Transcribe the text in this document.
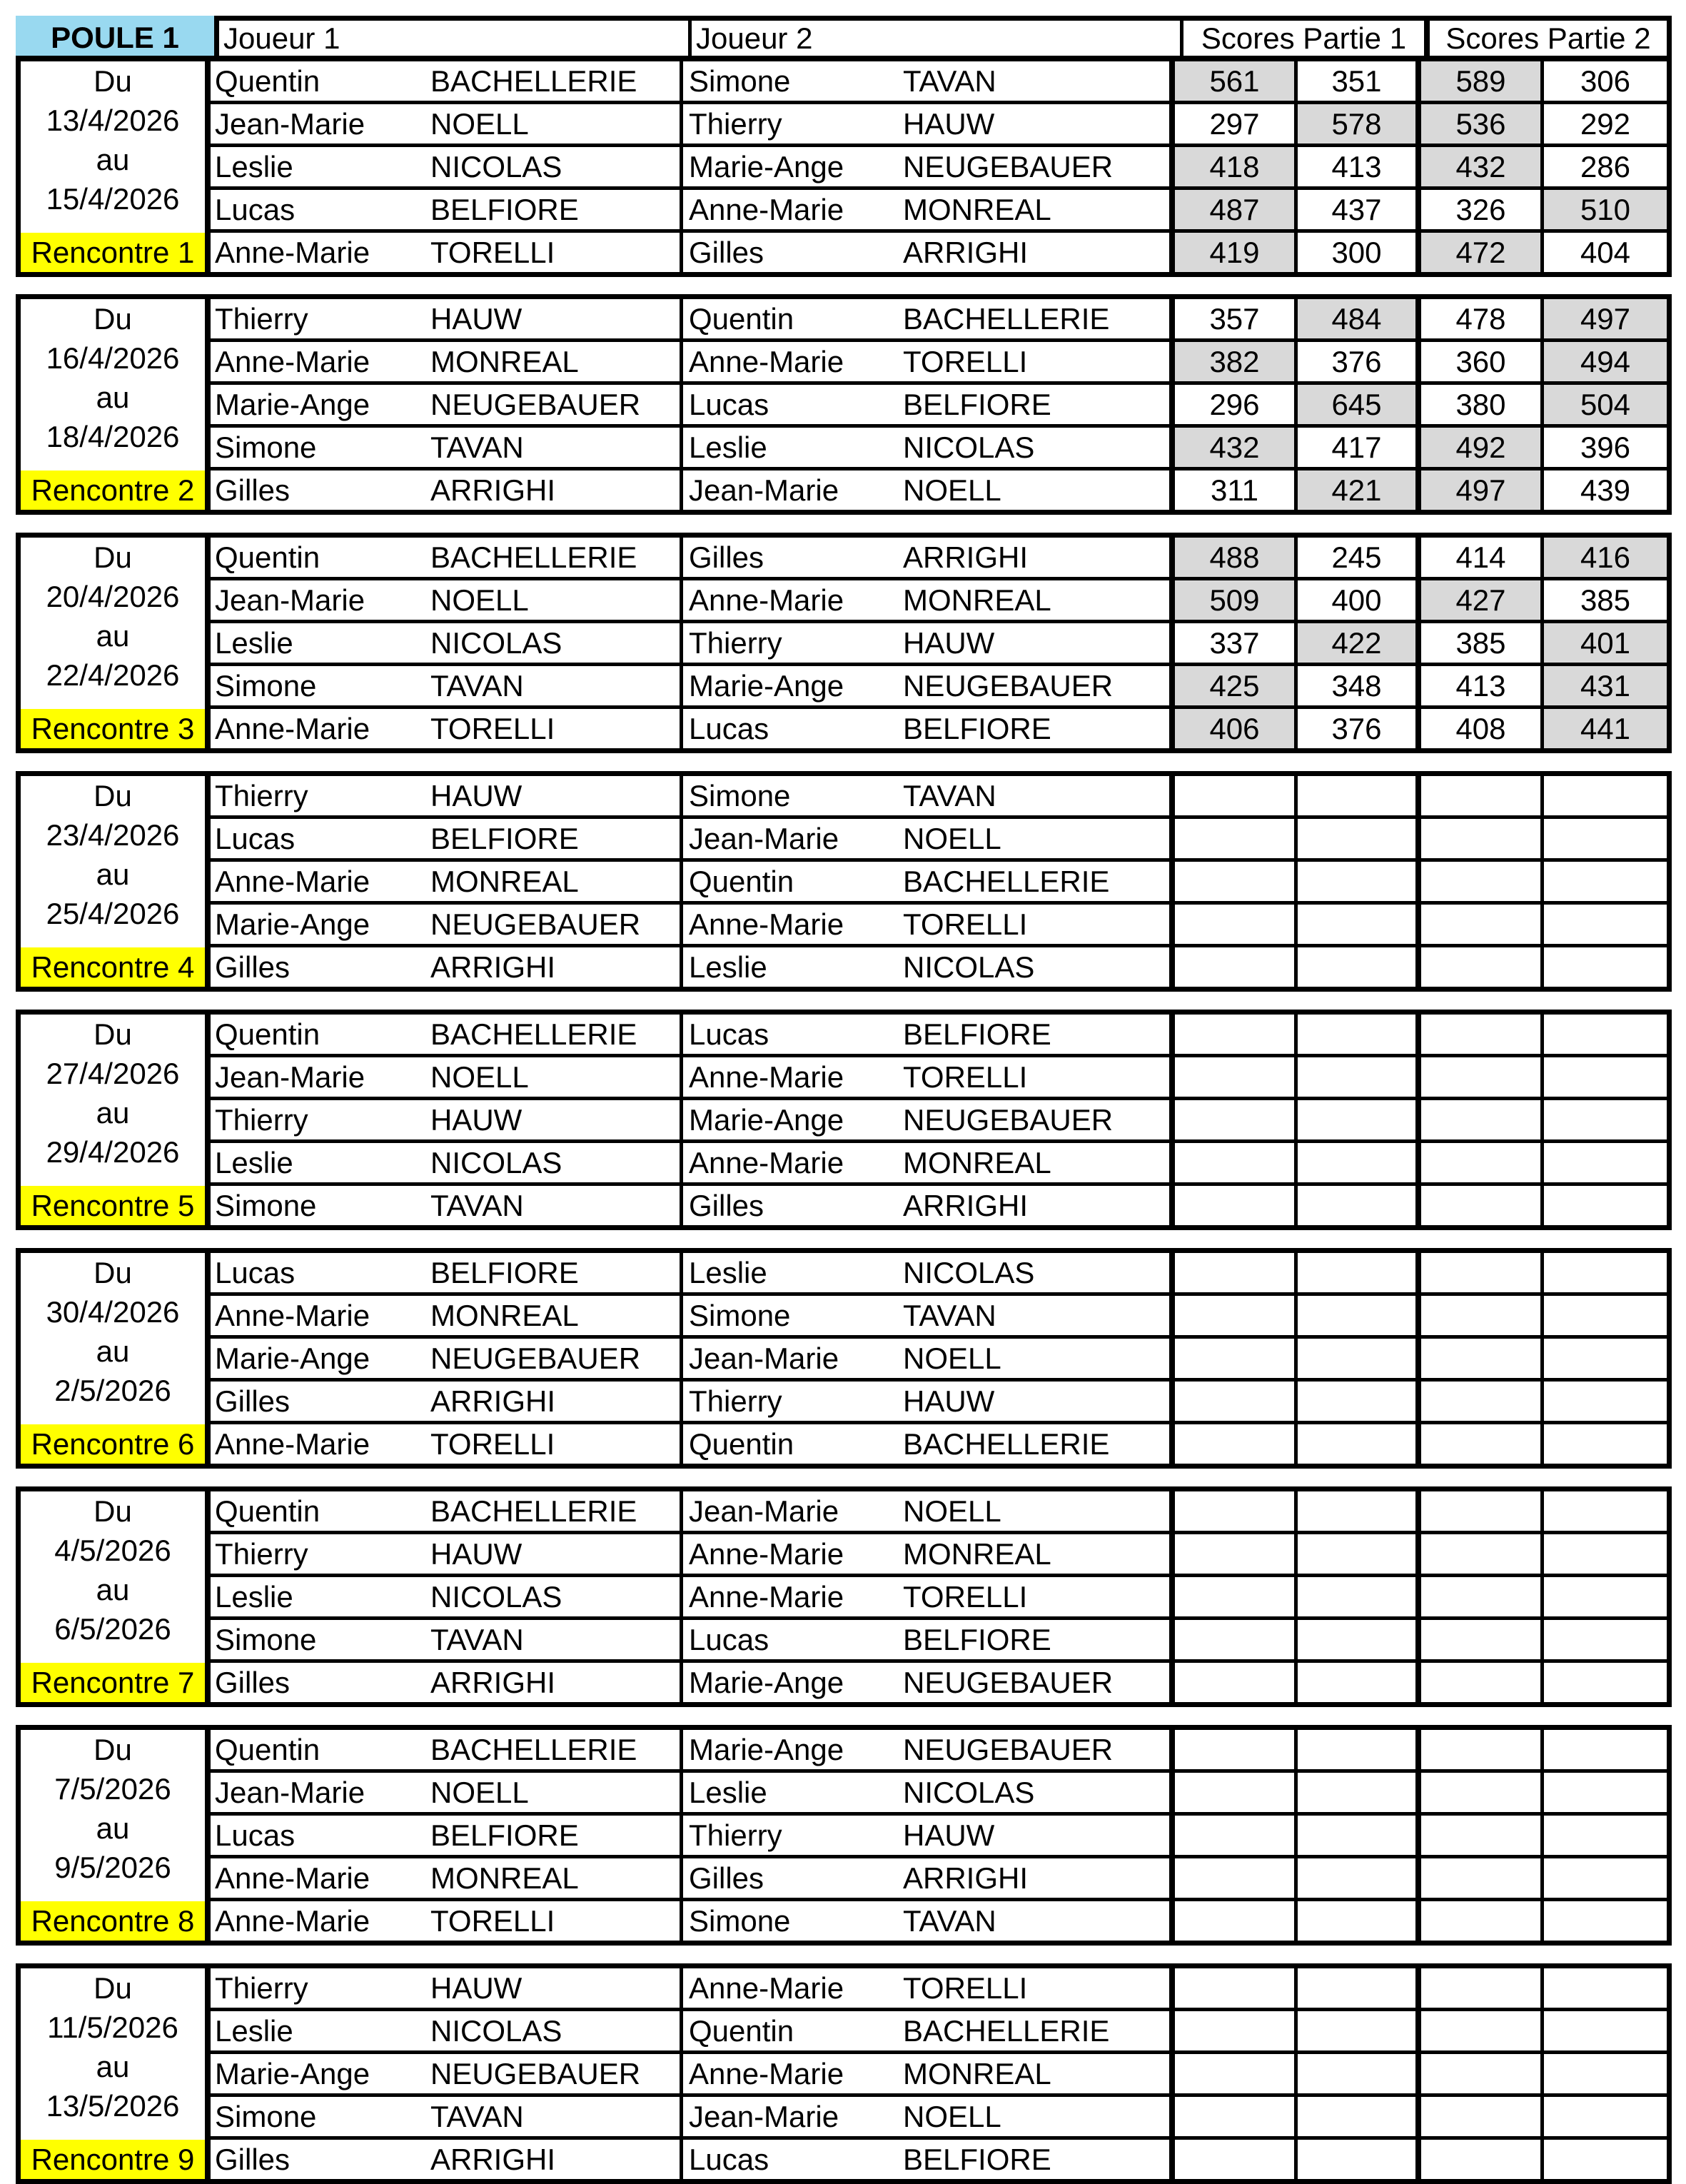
POULE 1	Joueur 1	Joueur 2	Scores Partie 1	Scores Partie 2
Du
13/4/2026
au
15/4/2026
Rencontre 1
Quentin	BACHELLERIE	Simone	TAVAN	561	351	589	306
Jean-Marie	NOELL	Thierry	HAUW	297	578	536	292
Leslie	NICOLAS	Marie-Ange	NEUGEBAUER	418	413	432	286
Lucas	BELFIORE	Anne-Marie	MONREAL	487	437	326	510
Anne-Marie	TORELLI	Gilles	ARRIGHI	419	300	472	404
Du
16/4/2026
au
18/4/2026
Rencontre 2
Thierry	HAUW	Quentin	BACHELLERIE	357	484	478	497
Anne-Marie	MONREAL	Anne-Marie	TORELLI	382	376	360	494
Marie-Ange	NEUGEBAUER	Lucas	BELFIORE	296	645	380	504
Simone	TAVAN	Leslie	NICOLAS	432	417	492	396
Gilles	ARRIGHI	Jean-Marie	NOELL	311	421	497	439
Du
20/4/2026
au
22/4/2026
Rencontre 3
Quentin	BACHELLERIE	Gilles	ARRIGHI	488	245	414	416
Jean-Marie	NOELL	Anne-Marie	MONREAL	509	400	427	385
Leslie	NICOLAS	Thierry	HAUW	337	422	385	401
Simone	TAVAN	Marie-Ange	NEUGEBAUER	425	348	413	431
Anne-Marie	TORELLI	Lucas	BELFIORE	406	376	408	441
Du
23/4/2026
au
25/4/2026
Rencontre 4
Thierry	HAUW	Simone	TAVAN
Lucas	BELFIORE	Jean-Marie	NOELL
Anne-Marie	MONREAL	Quentin	BACHELLERIE
Marie-Ange	NEUGEBAUER	Anne-Marie	TORELLI
Gilles	ARRIGHI	Leslie	NICOLAS
Du
27/4/2026
au
29/4/2026
Rencontre 5
Quentin	BACHELLERIE	Lucas	BELFIORE
Jean-Marie	NOELL	Anne-Marie	TORELLI
Thierry	HAUW	Marie-Ange	NEUGEBAUER
Leslie	NICOLAS	Anne-Marie	MONREAL
Simone	TAVAN	Gilles	ARRIGHI
Du
30/4/2026
au
2/5/2026
Rencontre 6
Lucas	BELFIORE	Leslie	NICOLAS
Anne-Marie	MONREAL	Simone	TAVAN
Marie-Ange	NEUGEBAUER	Jean-Marie	NOELL
Gilles	ARRIGHI	Thierry	HAUW
Anne-Marie	TORELLI	Quentin	BACHELLERIE
Du
4/5/2026
au
6/5/2026
Rencontre 7
Quentin	BACHELLERIE	Jean-Marie	NOELL
Thierry	HAUW	Anne-Marie	MONREAL
Leslie	NICOLAS	Anne-Marie	TORELLI
Simone	TAVAN	Lucas	BELFIORE
Gilles	ARRIGHI	Marie-Ange	NEUGEBAUER
Du
7/5/2026
au
9/5/2026
Rencontre 8
Quentin	BACHELLERIE	Marie-Ange	NEUGEBAUER
Jean-Marie	NOELL	Leslie	NICOLAS
Lucas	BELFIORE	Thierry	HAUW
Anne-Marie	MONREAL	Gilles	ARRIGHI
Anne-Marie	TORELLI	Simone	TAVAN
Du
11/5/2026
au
13/5/2026
Rencontre 9
Thierry	HAUW	Anne-Marie	TORELLI
Leslie	NICOLAS	Quentin	BACHELLERIE
Marie-Ange	NEUGEBAUER	Anne-Marie	MONREAL
Simone	TAVAN	Jean-Marie	NOELL
Gilles	ARRIGHI	Lucas	BELFIORE
